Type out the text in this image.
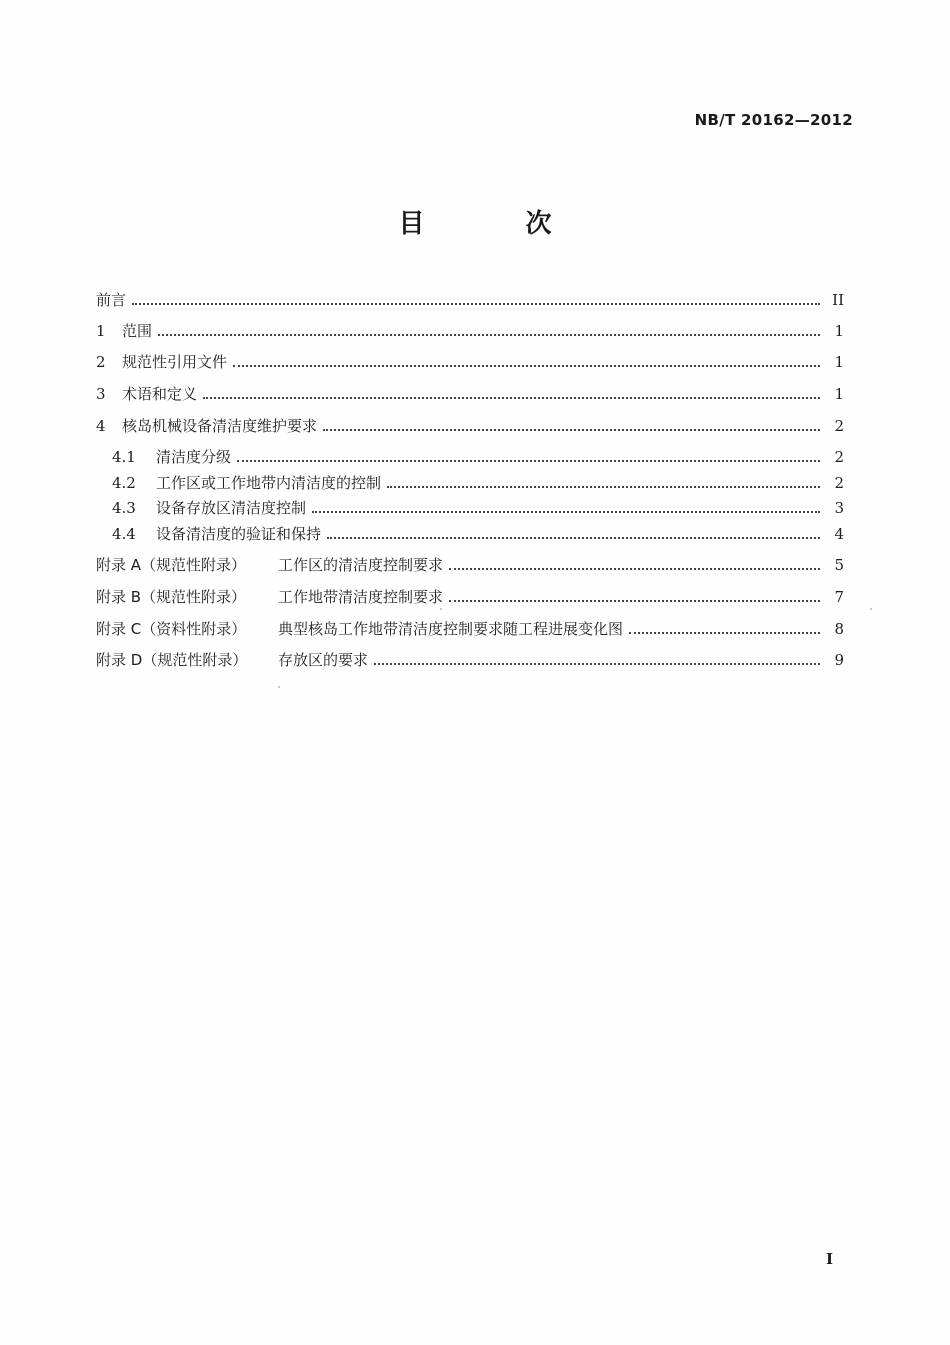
NB/T 20162—2012
目 次
前言	II
1	范围	1
2	规范性引用文件	1
3	术语和定义	1
4	核岛机械设备清洁度维护要求	2
4.1	清洁度分级	2
4.2	工作区或工作地带内清洁度的控制	2
4.3	设备存放区清洁度控制	3
4.4	设备清洁度的验证和保持	4
附录 A（规范性附录）	工作区的清洁度控制要求	5
附录 B（规范性附录）	工作地带清洁度控制要求	7
附录 C（资料性附录）	典型核岛工作地带清洁度控制要求随工程进展变化图	8
附录 D（规范性附录）	存放区的要求	9
I
